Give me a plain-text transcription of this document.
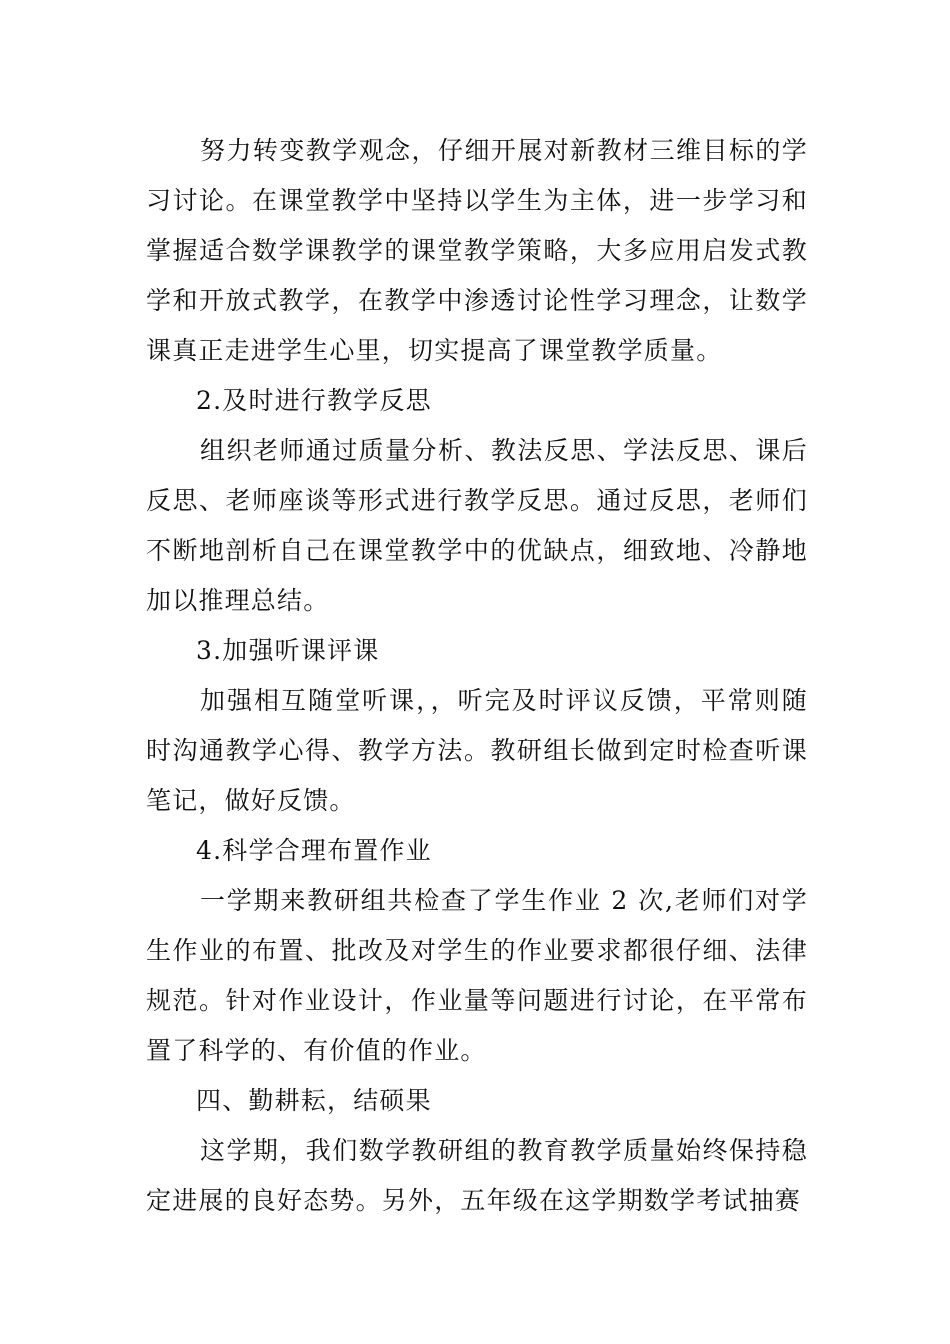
努力转变教学观念，仔细开展对新教材三维目标的学习讨论。在课堂教学中坚持以学生为主体，进一步学习和掌握适合数学课教学的课堂教学策略，大多应用启发式教学和开放式教学，在教学中渗透讨论性学习理念，让数学课真正走进学生心里，切实提高了课堂教学质量。

2.及时进行教学反思

组织老师通过质量分析、教法反思、学法反思、课后反思、老师座谈等形式进行教学反思。通过反思，老师们不断地剖析自己在课堂教学中的优缺点，细致地、冷静地加以推理总结。

3.加强听课评课

加强相互随堂听课，，听完及时评议反馈，平常则随时沟通教学心得、教学方法。教研组长做到定时检查听课笔记，做好反馈。

4.科学合理布置作业

一学期来教研组共检查了学生作业 2 次,老师们对学生作业的布置、批改及对学生的作业要求都很仔细、法律规范。针对作业设计，作业量等问题进行讨论，在平常布置了科学的、有价值的作业。

四、勤耕耘，结硕果

这学期，我们数学教研组的教育教学质量始终保持稳定进展的良好态势。另外，五年级在这学期数学考试抽赛
